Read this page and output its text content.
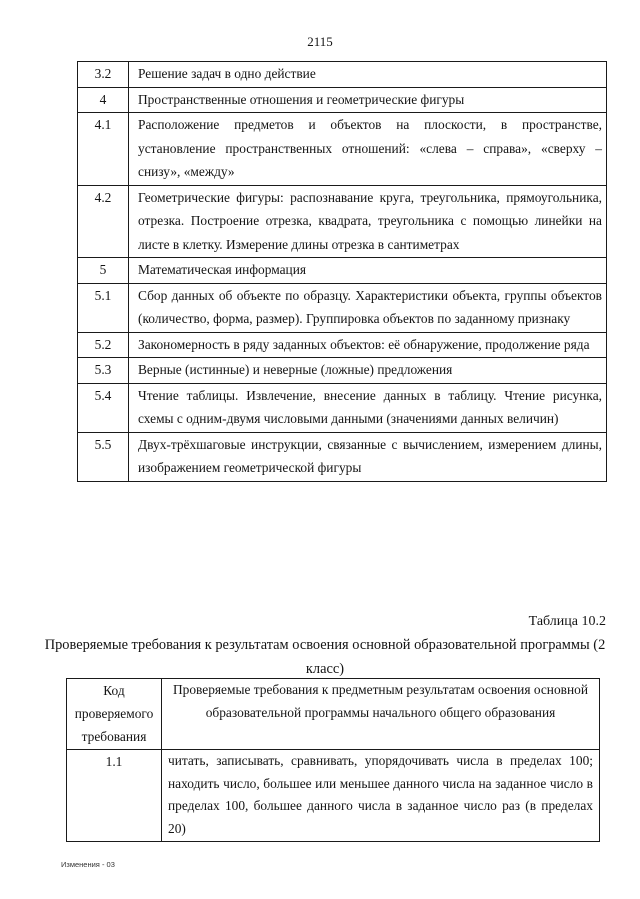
2115
3.2	Решение задач в одно действие
4	Пространственные отношения и геометрические фигуры
4.1	Расположение предметов и объектов на плоскости, в пространстве, установление пространственных отношений: «слева – справа», «сверху – снизу», «между»
4.2	Геометрические фигуры: распознавание круга, треугольника, прямоугольника, отрезка. Построение отрезка, квадрата, треугольника с помощью линейки на листе в клетку. Измерение длины отрезка в сантиметрах
5	Математическая информация
5.1	Сбор данных об объекте по образцу. Характеристики объекта, группы объектов (количество, форма, размер). Группировка объектов по заданному признаку
5.2	Закономерность в ряду заданных объектов: её обнаружение, продолжение ряда
5.3	Верные (истинные) и неверные (ложные) предложения
5.4	Чтение таблицы. Извлечение, внесение данных в таблицу. Чтение рисунка, схемы с одним-двумя числовыми данными (значениями данных величин)
5.5	Двух-трёхшаговые инструкции, связанные с вычислением, измерением длины, изображением геометрической фигуры
Таблица 10.2
Проверяемые требования к результатам освоения основной образовательной программы (2 класс)
Код проверяемого требования	Проверяемые требования к предметным результатам освоения основной образовательной программы начального общего образования
1.1	читать, записывать, сравнивать, упорядочивать числа в пределах 100; находить число, большее или меньшее данного числа на заданное число в пределах 100, большее данного числа в заданное число раз (в пределах 20)
Изменения - 03
